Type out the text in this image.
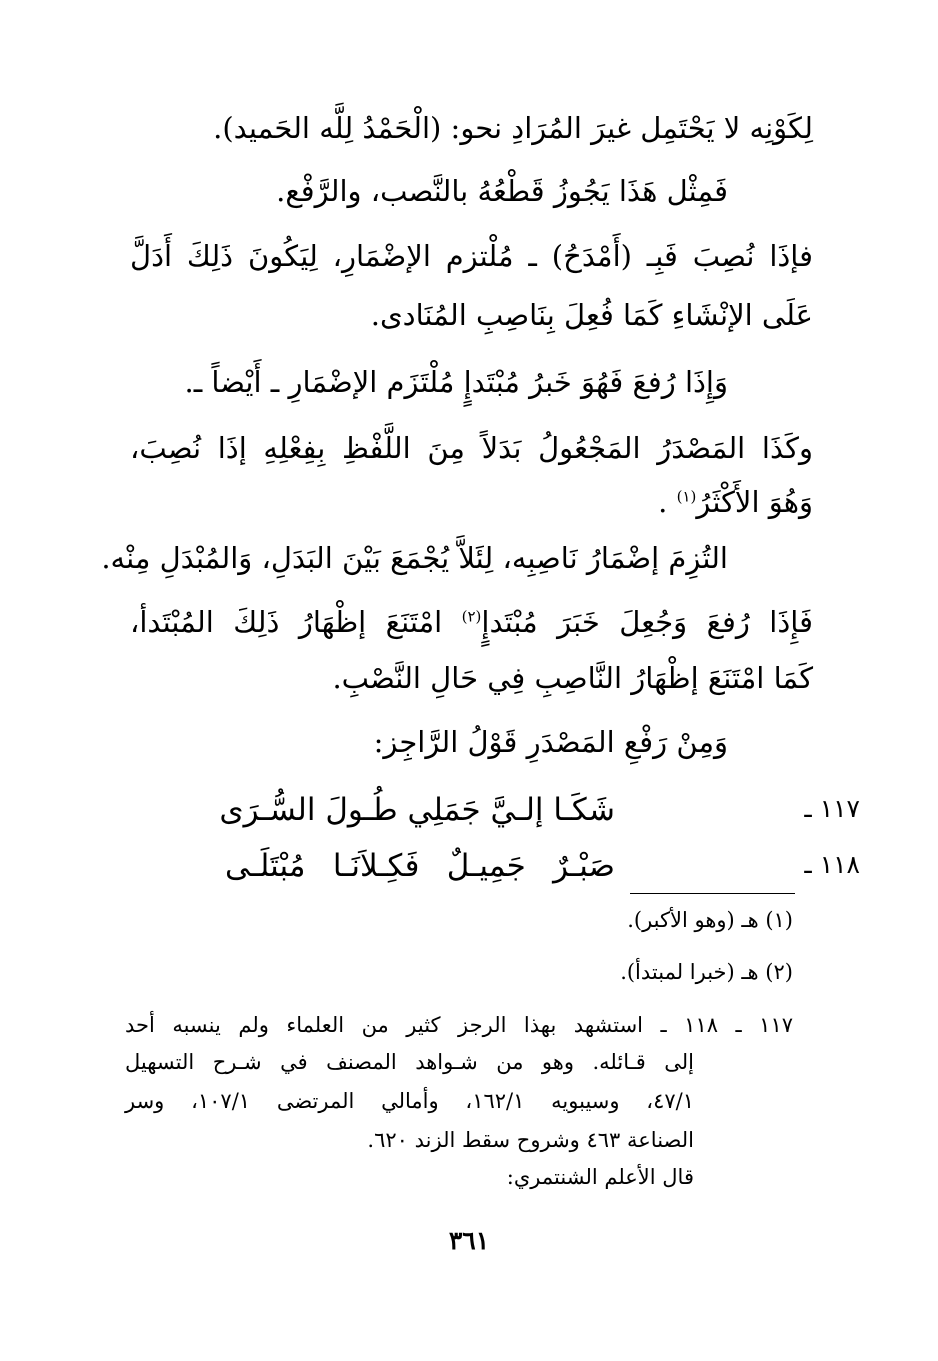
لِكَوْنِه لا يَحْتَمِل غيرَ المُرَادِ نحو: (الْحَمْدُ لِلَّه الحَميد).
فَمِثْل هَذَا يَجُوزُ قَطْعُهُ بالنَّصب، والرَّفْع.
فإذَا نُصِبَ فَبِـ (أَمْدَحُ) ـ مُلْتزم الإضْمَارِ، لِيَكُونَ ذَلِكَ أَدَلَّ
عَلَى الإنْشَاءِ كَمَا فُعِلَ بِنَاصِبِ المُنَادى.
وَإِذَا رُفعَ فَهُوَ خَبرُ مُبْتَدإٍ مُلْتَزَم الإضْمَارِ ـ أَيْضاً ـ.
وكَذَا المَصْدَرُ المَجْعُولُ بَدَلاً مِنَ اللَّفْظِ بِفِعْلِهِ إذَا نُصِبَ،
وَهُوَ الأَكْثَرُ$^{(١)}$ .
التُزِمَ إضْمَارُ نَاصِبِه، لِئَلاَّ يُجْمَعَ بَيْنَ البَدَلِ، وَالمُبْدَلِ مِنْه.
فَإِذَا رُفعَ وَجُعِلَ خَبَرَ مُبْتَدإٍ$^{(٢)}$ امْتَنَعَ إظْهَارُ ذَلِكَ المُبْتَدأ،
كَمَا امْتَنَعَ إظْهَارُ النَّاصِبِ فِي حَالِ النَّصْبِ.
وَمِنْ رَفْعِ المَصْدَرِ قَوْلُ الرَّاجِز:
١١٧ ـ
شَكَـا إلـيَّ جَمَلِي طُـولَ السُّـرَى
١١٨ ـ
صَبْـرٌ جَمِيـلٌ فَكِـلاَنَـا مُبْتَلَـى
(١) هـ (وهو الأكبر).
(٢) هـ (خبرا لمبتدأ).
١١٧ ـ ١١٨ ـ استشهد بهذا الرجز كثير من العلماء ولم ينسبه أحد
إلى قـائله. وهو من شـواهد المصنف في شـرح التسهيل
٤٧/١، وسيبويه ١٦٢/١، وأمالي المرتضى ١٠٧/١، وسر
الصناعة ٤٦٣ وشروح سقط الزند ٦٢٠.
قال الأعلم الشنتمري:
٣٦١
